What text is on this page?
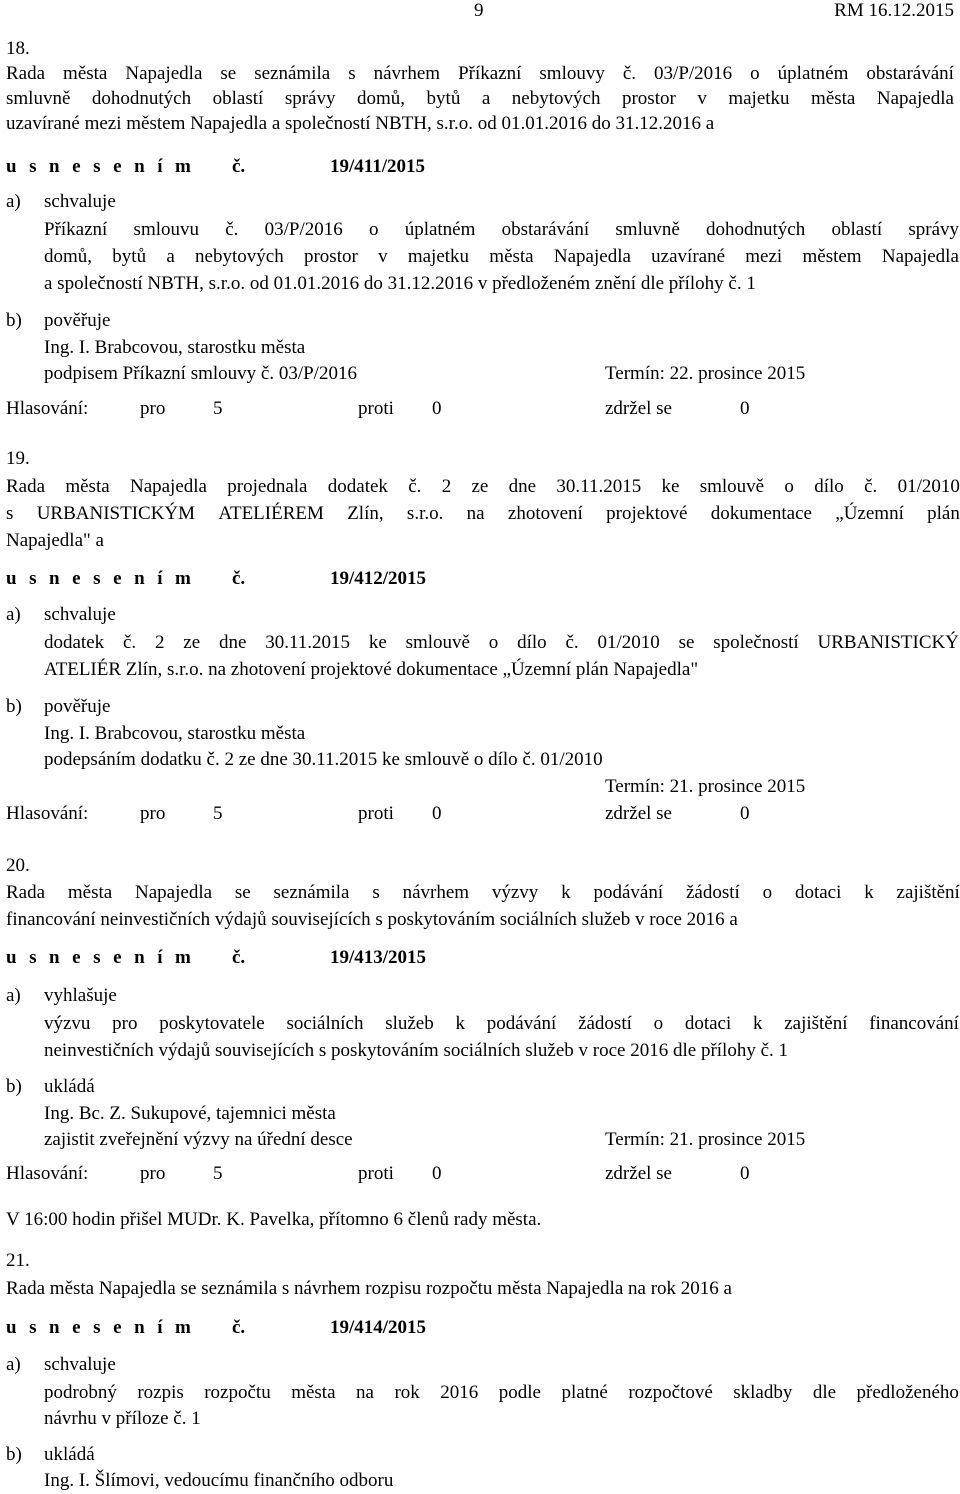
9	RM 16.12.2015
18.
Rada města Napajedla se seznámila s návrhem Příkazní smlouvy č. 03/P/2016 o úplatném obstarávání
smluvně dohodnutých oblastí správy domů, bytů a nebytových prostor v majetku města Napajedla
uzavírané mezi městem Napajedla a společností NBTH, s.r.o. od 01.01.2016 do 31.12.2016 a
u s n e s e n í m č.	19/411/2015
a) schvaluje
Příkazní smlouvu č. 03/P/2016 o úplatném obstarávání smluvně dohodnutých oblastí správy
domů, bytů a nebytových prostor v majetku města Napajedla uzavírané mezi městem Napajedla
a společností NBTH, s.r.o. od 01.01.2016 do 31.12.2016 v předloženém znění dle přílohy č. 1
b) pověřuje
Ing. I. Brabcovou, starostku města
podpisem Příkazní smlouvy č. 03/P/2016	Termín: 22. prosince 2015
Hlasování:	pro	5	proti 0	zdržel se	0
19.
Rada města Napajedla projednala dodatek č. 2 ze dne 30.11.2015 ke smlouvě o dílo č. 01/2010
s URBANISTICKÝM ATELIÉREM Zlín, s.r.o. na zhotovení projektové dokumentace „Územní plán
Napajedla" a
u s n e s e n í m č.	19/412/2015
a) schvaluje
dodatek č. 2 ze dne 30.11.2015 ke smlouvě o dílo č. 01/2010 se společností URBANISTICKÝ
ATELIÉR Zlín, s.r.o. na zhotovení projektové dokumentace „Územní plán Napajedla"
b) pověřuje
Ing. I. Brabcovou, starostku města
podepsáním dodatku č. 2 ze dne 30.11.2015 ke smlouvě o dílo č. 01/2010
Termín: 21. prosince 2015
Hlasování:	pro	5	proti 0	zdržel se	0
20.
Rada města Napajedla se seznámila s návrhem výzvy k podávání žádostí o dotaci k zajištění
financování neinvestičních výdajů souvisejících s poskytováním sociálních služeb v roce 2016 a
u s n e s e n í m č.	19/413/2015
a) vyhlašuje
výzvu pro poskytovatele sociálních služeb k podávání žádostí o dotaci k zajištění financování
neinvestičních výdajů souvisejících s poskytováním sociálních služeb v roce 2016 dle přílohy č. 1
b) ukládá
Ing. Bc. Z. Sukupové, tajemnici města
zajistit zveřejnění výzvy na úřední desce	Termín: 21. prosince 2015
Hlasování:	pro	5	proti 0	zdržel se	0
V 16:00 hodin přišel MUDr. K. Pavelka, přítomno 6 členů rady města.
21.
Rada města Napajedla se seznámila s návrhem rozpisu rozpočtu města Napajedla na rok 2016 a
u s n e s e n í m č.	19/414/2015
a) schvaluje
podrobný rozpis rozpočtu města na rok 2016 podle platné rozpočtové skladby dle předloženého
návrhu v příloze č. 1
b) ukládá
Ing. I. Šlímovi, vedoucímu finančního odboru
